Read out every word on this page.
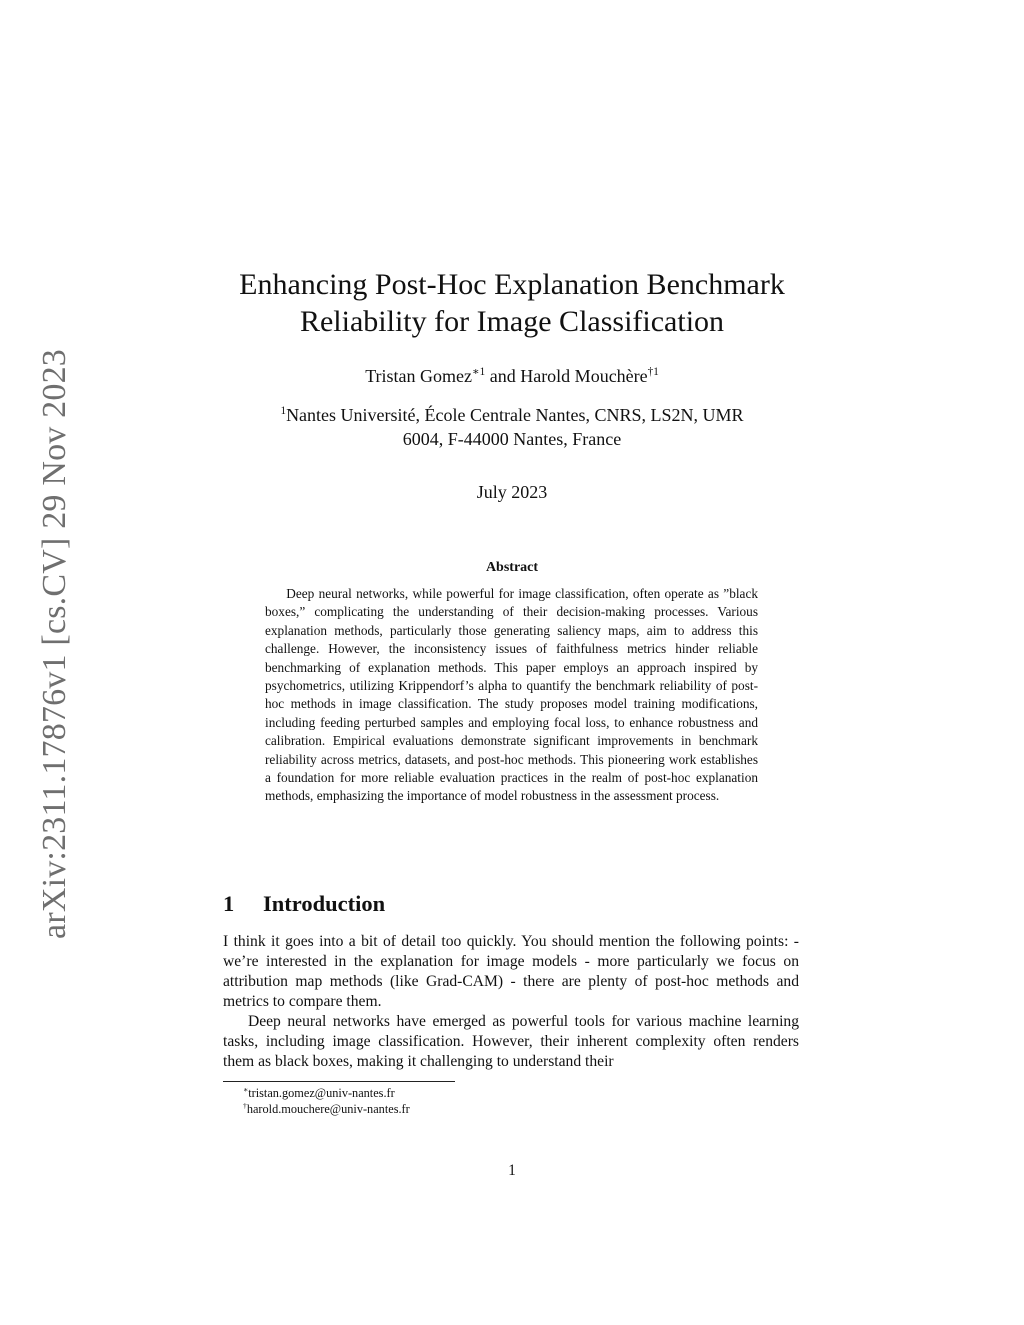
arXiv:2311.17876v1 [cs.CV] 29 Nov 2023
Enhancing Post-Hoc Explanation Benchmark
Reliability for Image Classification
Tristan Gomez$^{∗1}$ and Harold Mouchère$^{\dagger 1}$
$^1$Nantes Université, École Centrale Nantes, CNRS, LS2N, UMR
6004, F-44000 Nantes, France
July 2023
Abstract
Deep neural networks, while powerful for image classification, often operate as ”black boxes,” complicating the understanding of their decision-making processes. Various explanation methods, particularly those generating saliency maps, aim to address this challenge. However, the inconsistency issues of faithfulness metrics hinder reliable benchmarking of explanation methods. This paper employs an approach inspired by psychometrics, utilizing Krippendorf’s alpha to quantify the benchmark reliability of post-hoc methods in image classification. The study proposes model training modifications, including feeding perturbed samples and employing focal loss, to enhance robustness and calibration. Empirical evaluations demonstrate significant improvements in benchmark reliability across metrics, datasets, and post-hoc methods. This pioneering work establishes a foundation for more reliable evaluation practices in the realm of post-hoc explanation methods, emphasizing the importance of model robustness in the assessment process.
1 Introduction

I think it goes into a bit of detail too quickly. You should mention the following points: - we’re interested in the explanation for image models - more particularly we focus on attribution map methods (like Grad-CAM) - there are plenty of post-hoc methods and metrics to compare them.

Deep neural networks have emerged as powerful tools for various machine learning tasks, including image classification. However, their inherent complexity often renders them as black boxes, making it challenging to understand their

∗tristan.gomez@univ-nantes.fr
†harold.mouchere@univ-nantes.fr
1
